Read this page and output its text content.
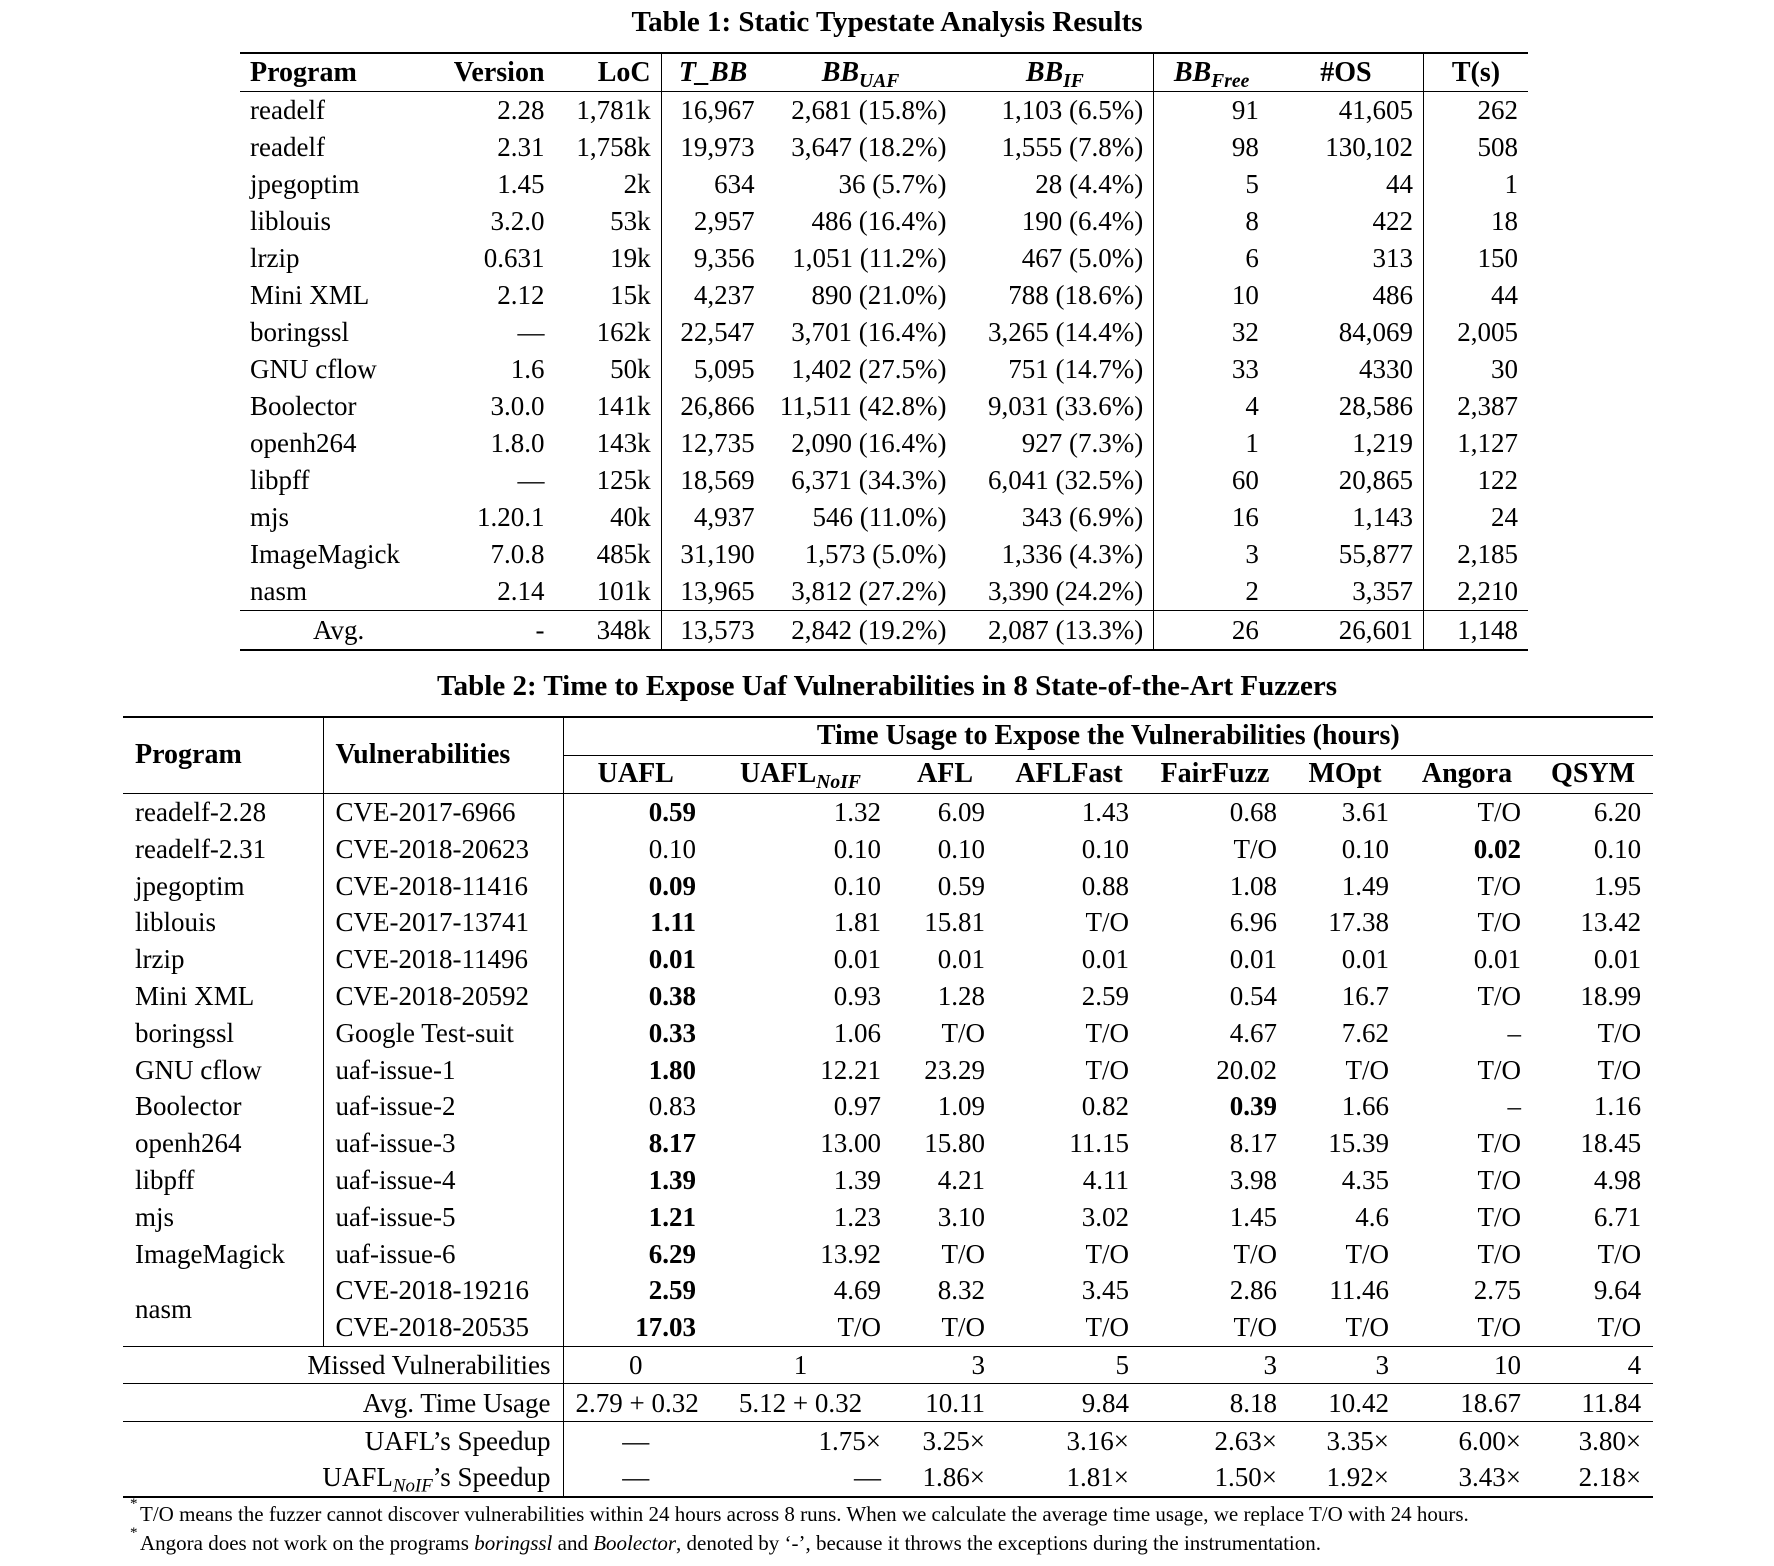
Table 1: Static Typestate Analysis Results
Program	Version	LoC	T_BB	$BB_{UAF}$	$BB_{IF}$	$BB_{Free}$	#OS	T(s)
readelf	2.28	1,781k	16,967	2,681 (15.8%)	1,103 (6.5%)	91	41,605	262
readelf	2.31	1,758k	19,973	3,647 (18.2%)	1,555 (7.8%)	98	130,102	508
jpegoptim	1.45	2k	634	36 (5.7%)	28 (4.4%)	5	44	1
liblouis	3.2.0	53k	2,957	486 (16.4%)	190 (6.4%)	8	422	18
lrzip	0.631	19k	9,356	1,051 (11.2%)	467 (5.0%)	6	313	150
Mini XML	2.12	15k	4,237	890 (21.0%)	788 (18.6%)	10	486	44
boringssl	—	162k	22,547	3,701 (16.4%)	3,265 (14.4%)	32	84,069	2,005
GNU cflow	1.6	50k	5,095	1,402 (27.5%)	751 (14.7%)	33	4330	30
Boolector	3.0.0	141k	26,866	11,511 (42.8%)	9,031 (33.6%)	4	28,586	2,387
openh264	1.8.0	143k	12,735	2,090 (16.4%)	927 (7.3%)	1	1,219	1,127
libpff	—	125k	18,569	6,371 (34.3%)	6,041 (32.5%)	60	20,865	122
mjs	1.20.1	40k	4,937	546 (11.0%)	343 (6.9%)	16	1,143	24
ImageMagick	7.0.8	485k	31,190	1,573 (5.0%)	1,336 (4.3%)	3	55,877	2,185
nasm	2.14	101k	13,965	3,812 (27.2%)	3,390 (24.2%)	2	3,357	2,210
Avg.	-	348k	13,573	2,842 (19.2%)	2,087 (13.3%)	26	26,601	1,148
Table 2: Time to Expose Uaf Vulnerabilities in 8 State-of-the-Art Fuzzers
Program	Vulnerabilities	Time Usage to Expose the Vulnerabilities (hours)							
		UAFL	$UAFL_{NoIF}$	AFL	AFLFast	FairFuzz	MOpt	Angora	QSYM
readelf-2.28	CVE-2017-6966	0.59	1.32	6.09	1.43	0.68	3.61	T/O	6.20
readelf-2.31	CVE-2018-20623	0.10	0.10	0.10	0.10	T/O	0.10	0.02	0.10
jpegoptim	CVE-2018-11416	0.09	0.10	0.59	0.88	1.08	1.49	T/O	1.95
liblouis	CVE-2017-13741	1.11	1.81	15.81	T/O	6.96	17.38	T/O	13.42
lrzip	CVE-2018-11496	0.01	0.01	0.01	0.01	0.01	0.01	0.01	0.01
Mini XML	CVE-2018-20592	0.38	0.93	1.28	2.59	0.54	16.7	T/O	18.99
boringssl	Google Test-suit	0.33	1.06	T/O	T/O	4.67	7.62	–	T/O
GNU cflow	uaf-issue-1	1.80	12.21	23.29	T/O	20.02	T/O	T/O	T/O
Boolector	uaf-issue-2	0.83	0.97	1.09	0.82	0.39	1.66	–	1.16
openh264	uaf-issue-3	8.17	13.00	15.80	11.15	8.17	15.39	T/O	18.45
libpff	uaf-issue-4	1.39	1.39	4.21	4.11	3.98	4.35	T/O	4.98
mjs	uaf-issue-5	1.21	1.23	3.10	3.02	1.45	4.6	T/O	6.71
ImageMagick	uaf-issue-6	6.29	13.92	T/O	T/O	T/O	T/O	T/O	T/O
nasm	CVE-2018-19216	2.59	4.69	8.32	3.45	2.86	11.46	2.75	9.64
	CVE-2018-20535	17.03	T/O	T/O	T/O	T/O	T/O	T/O	T/O
Missed Vulnerabilities		0	1	3	5	3	3	10	4
Avg. Time Usage		2.79 + 0.32	5.12 + 0.32	10.11	9.84	8.18	10.42	18.67	11.84
UAFL’s Speedup		—	1.75×	3.25×	3.16×	2.63×	3.35×	6.00×	3.80×
$UAFL_{NoIF}’s$ Speedup		—	—	1.86×	1.81×	1.50×	1.92×	3.43×	2.18×
* T/O means the fuzzer cannot discover vulnerabilities within 24 hours across 8 runs. When we calculate the average time usage, we replace T/O with 24 hours.
* Angora does not work on the programs boringssl and Boolector, denoted by ‘-’, because it throws the exceptions during the instrumentation.
